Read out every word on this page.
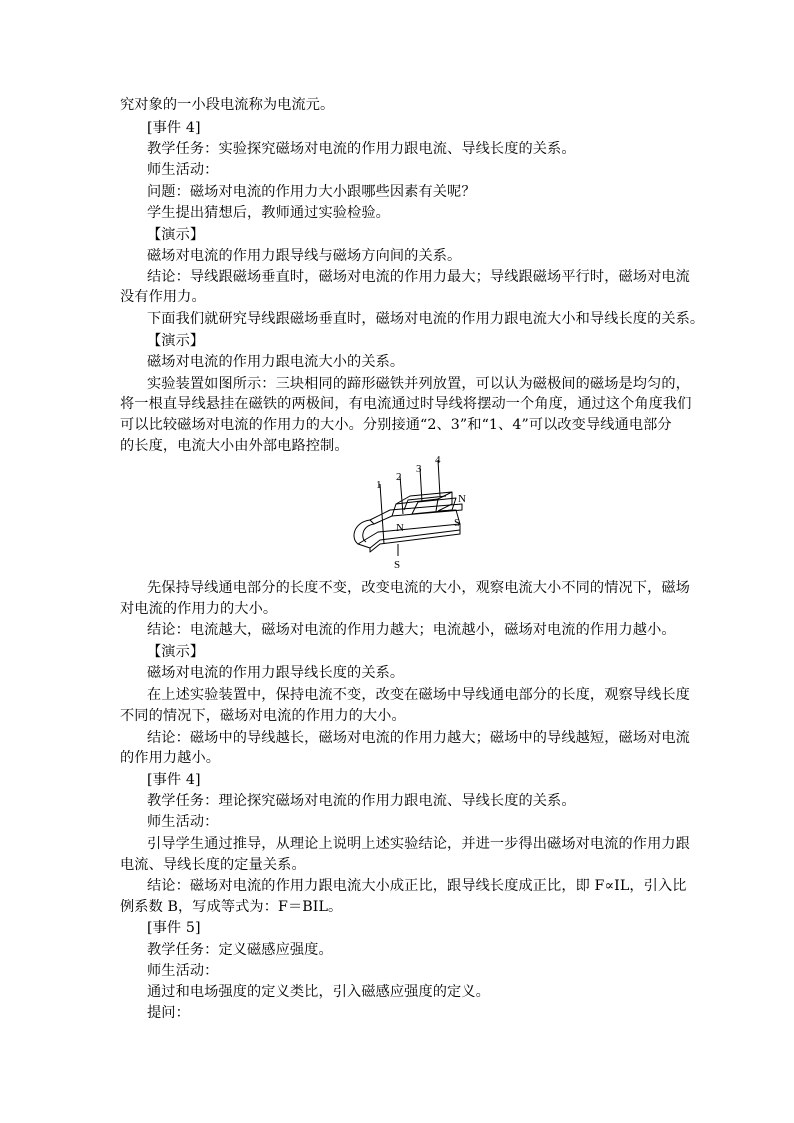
究对象的一小段电流称为电流元。
[事件 4]
教学任务：实验探究磁场对电流的作用力跟电流、导线长度的关系。
师生活动：
问题：磁场对电流的作用力大小跟哪些因素有关呢？
学生提出猜想后，教师通过实验检验。
【演示】
磁场对电流的作用力跟导线与磁场方向间的关系。
结论：导线跟磁场垂直时，磁场对电流的作用力最大；导线跟磁场平行时，磁场对电流
没有作用力。
下面我们就研究导线跟磁场垂直时，磁场对电流的作用力跟电流大小和导线长度的关系。
【演示】
磁场对电流的作用力跟电流大小的关系。
实验装置如图所示：三块相同的蹄形磁铁并列放置，可以认为磁极间的磁场是均匀的，
将一根直导线悬挂在磁铁的两极间，有电流通过时导线将摆动一个角度，通过这个角度我们
可以比较磁场对电流的作用力的大小。分别接通“2、3”和“1、4”可以改变导线通电部分
的长度，电流大小由外部电路控制。
先保持导线通电部分的长度不变，改变电流的大小，观察电流大小不同的情况下，磁场
对电流的作用力的大小。
结论：电流越大，磁场对电流的作用力越大；电流越小，磁场对电流的作用力越小。
【演示】
磁场对电流的作用力跟导线长度的关系。
在上述实验装置中，保持电流不变，改变在磁场中导线通电部分的长度，观察导线长度
不同的情况下，磁场对电流的作用力的大小。
结论：磁场中的导线越长，磁场对电流的作用力越大；磁场中的导线越短，磁场对电流
的作用力越小。
[事件 4]
教学任务：理论探究磁场对电流的作用力跟电流、导线长度的关系。
师生活动：
引导学生通过推导，从理论上说明上述实验结论，并进一步得出磁场对电流的作用力跟
电流、导线长度的定量关系。
结论：磁场对电流的作用力跟电流大小成正比，跟导线长度成正比，即 F∝IL，引入比
例系数 B，写成等式为：F＝BIL。
[事件 5]
教学任务：定义磁感应强度。
师生活动：
通过和电场强度的定义类比，引入磁感应强度的定义。
提问：
1
2
3
4
N
N	S
S
